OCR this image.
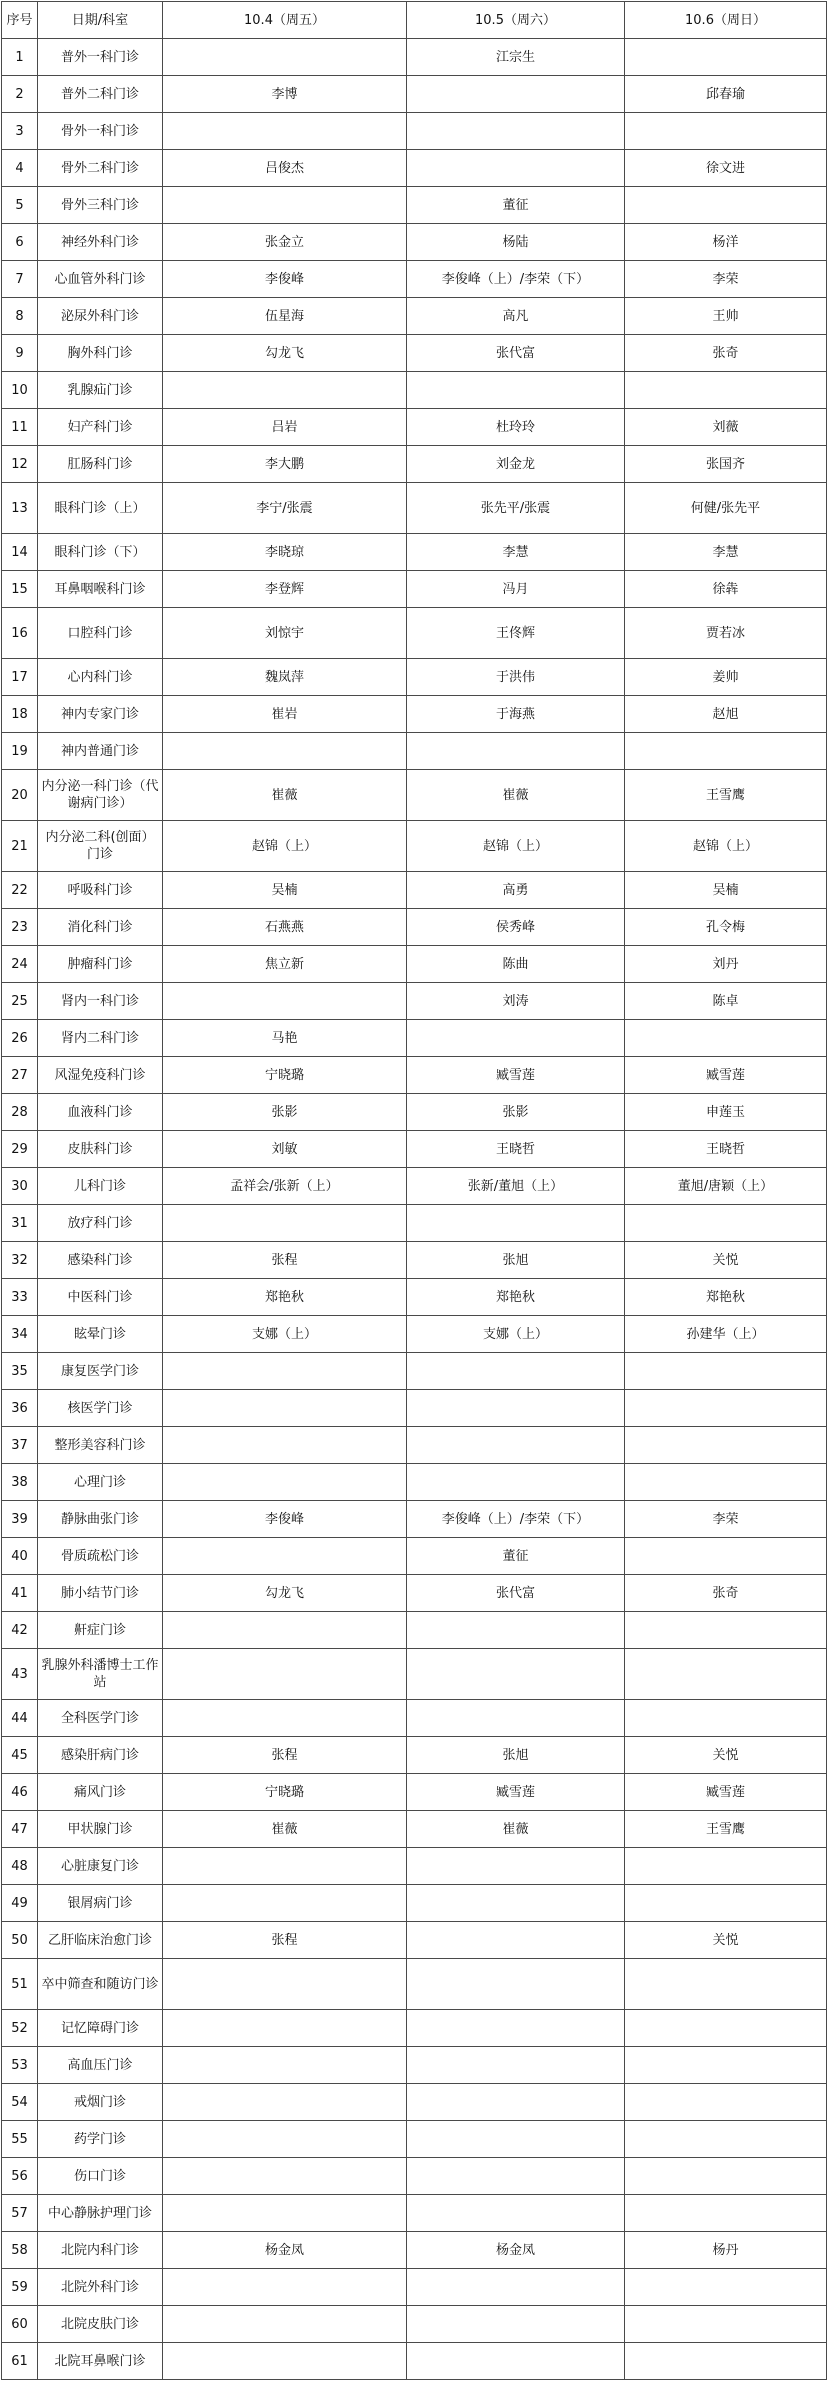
序号	日期/科室	10.4（周五）	10.5（周六）	10.6（周日）
1	普外一科门诊		江宗生	
2	普外二科门诊	李博		邱春瑜
3	骨外一科门诊			
4	骨外二科门诊	吕俊杰		徐文进
5	骨外三科门诊		董征	
6	神经外科门诊	张金立	杨陆	杨洋
7	心血管外科门诊	李俊峰	李俊峰（上）/李荣（下）	李荣
8	泌尿外科门诊	伍星海	高凡	王帅
9	胸外科门诊	勾龙飞	张代富	张奇
10	乳腺疝门诊			
11	妇产科门诊	吕岩	杜玲玲	刘薇
12	肛肠科门诊	李大鹏	刘金龙	张国齐
13	眼科门诊（上）	李宁/张震	张先平/张震	何健/张先平
14	眼科门诊（下）	李晓琼	李慧	李慧
15	耳鼻咽喉科门诊	李登辉	冯月	徐犇
16	口腔科门诊	刘惊宇	王佟辉	贾若冰
17	心内科门诊	魏岚萍	于洪伟	姜帅
18	神内专家门诊	崔岩	于海燕	赵旭
19	神内普通门诊			
20	内分泌一科门诊（代谢病门诊）	崔薇	崔薇	王雪鹰
21	内分泌二科(创面）门诊	赵锦（上）	赵锦（上）	赵锦（上）
22	呼吸科门诊	吴楠	高勇	吴楠
23	消化科门诊	石燕燕	侯秀峰	孔令梅
24	肿瘤科门诊	焦立新	陈曲	刘丹
25	肾内一科门诊		刘涛	陈卓
26	肾内二科门诊	马艳		
27	风湿免疫科门诊	宁晓璐	臧雪莲	臧雪莲
28	血液科门诊	张影	张影	申莲玉
29	皮肤科门诊	刘敏	王晓哲	王晓哲
30	儿科门诊	孟祥会/张新（上）	张新/董旭（上）	董旭/唐颖（上）
31	放疗科门诊			
32	感染科门诊	张程	张旭	关悦
33	中医科门诊	郑艳秋	郑艳秋	郑艳秋
34	眩晕门诊	支娜（上）	支娜（上）	孙建华（上）
35	康复医学门诊			
36	核医学门诊			
37	整形美容科门诊			
38	心理门诊			
39	静脉曲张门诊	李俊峰	李俊峰（上）/李荣（下）	李荣
40	骨质疏松门诊		董征	
41	肺小结节门诊	勾龙飞	张代富	张奇
42	鼾症门诊			
43	乳腺外科潘博士工作站			
44	全科医学门诊			
45	感染肝病门诊	张程	张旭	关悦
46	痛风门诊	宁晓璐	臧雪莲	臧雪莲
47	甲状腺门诊	崔薇	崔薇	王雪鹰
48	心脏康复门诊			
49	银屑病门诊			
50	乙肝临床治愈门诊	张程		关悦
51	卒中筛查和随访门诊			
52	记忆障碍门诊			
53	高血压门诊			
54	戒烟门诊			
55	药学门诊			
56	伤口门诊			
57	中心静脉护理门诊			
58	北院内科门诊	杨金凤	杨金凤	杨丹
59	北院外科门诊			
60	北院皮肤门诊			
61	北院耳鼻喉门诊			
